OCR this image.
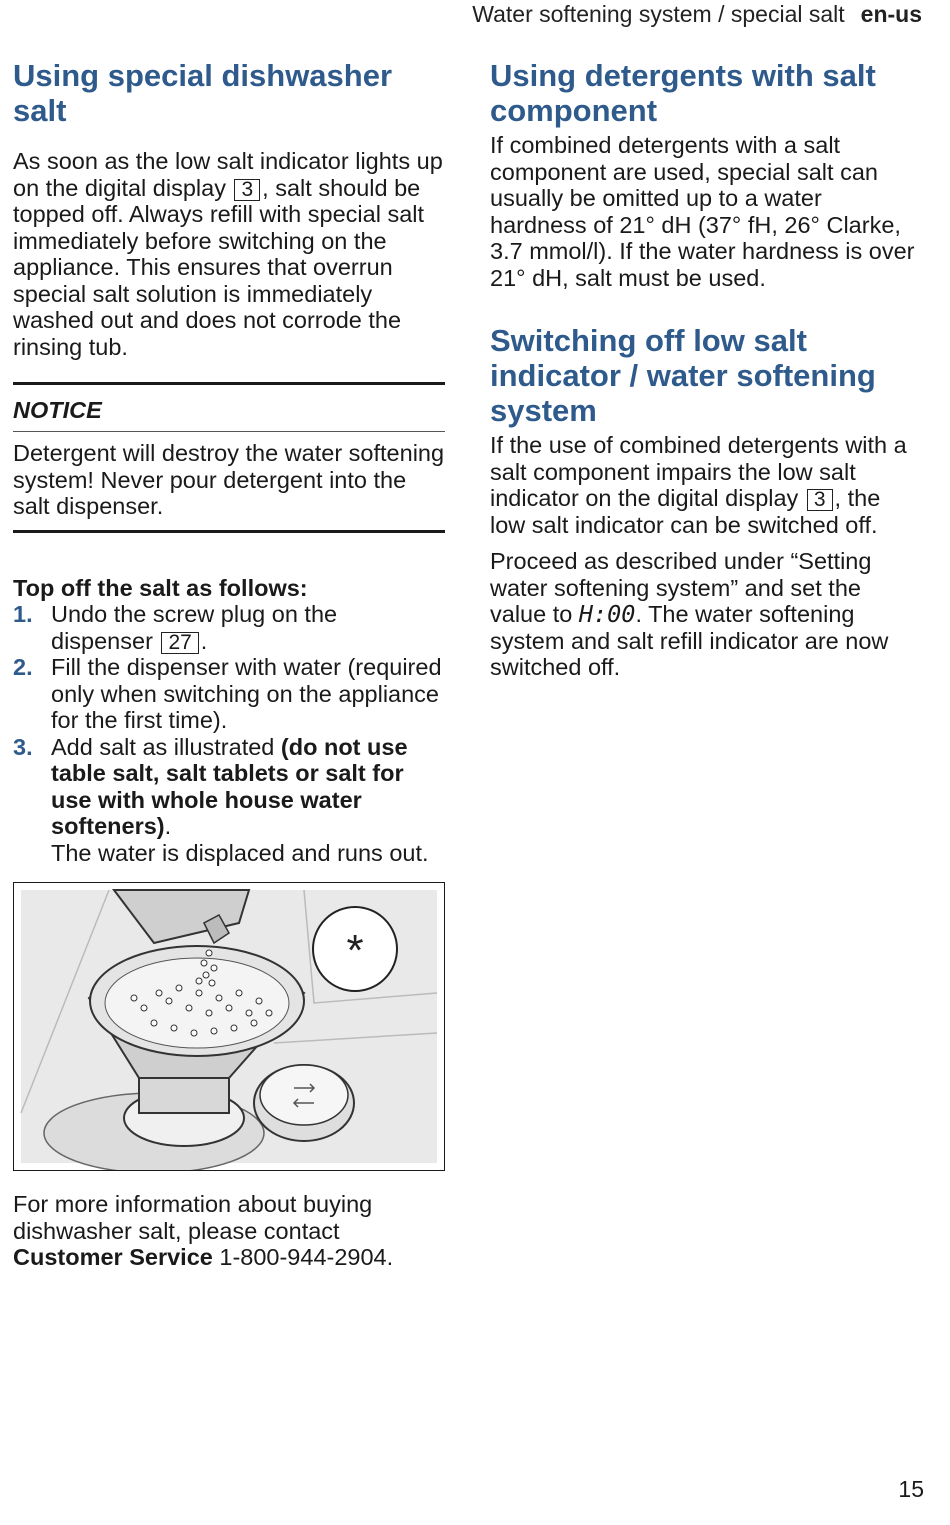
Water softening system / special salt en-us
Using special dishwasher salt

As soon as the low salt indicator lights up on the digital display 3 , salt should be topped off. Always refill with special salt immediately before switching on the appliance. This ensures that overrun special salt solution is immediately washed out and does not corrode the rinsing tub.

NOTICE

Detergent will destroy the water softening system! Never pour detergent into the salt dispenser.

Top off the salt as follows:
1. Undo the screw plug on the dispenser 27 .
2. Fill the dispenser with water (required only when switching on the appliance for the first time).
3. Add salt as illustrated (do not use table salt, salt tablets or salt for use with whole house water softeners).
The water is displaced and runs out.
*

For more information about buying dishwasher salt, please contact Customer Service 1-800-944-2904.

Using detergents with salt component

If combined detergents with a salt component are used, special salt can usually be omitted up to a water hardness of 21° dH (37° fH, 26° Clarke, 3.7 mmol/l). If the water hardness is over 21° dH, salt must be used.

Switching off low salt indicator / water softening system

If the use of combined detergents with a salt component impairs the low salt indicator on the digital display 3 , the low salt indicator can be switched off.

Proceed as described under “Setting water softening system” and set the value to H:00. The water softening system and salt refill indicator are now switched off.

15
